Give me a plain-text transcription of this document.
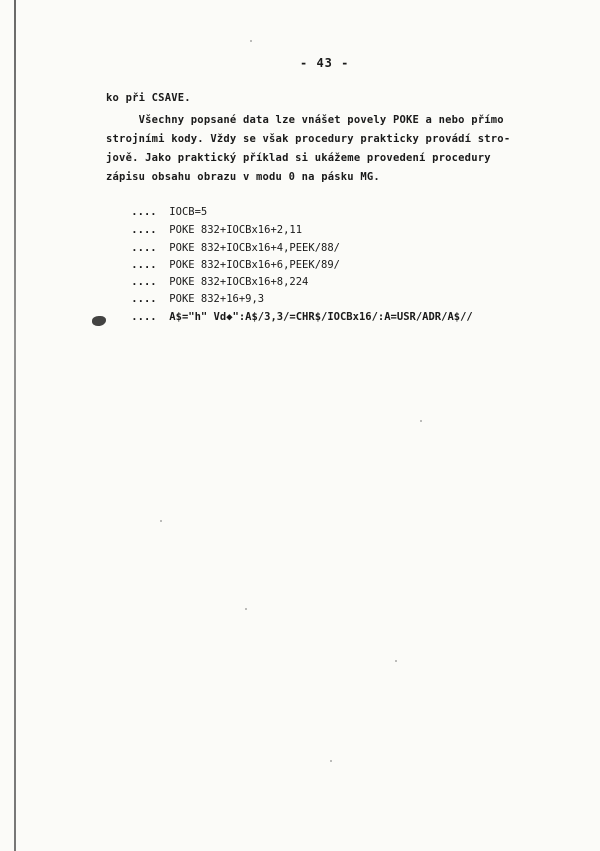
- 43 -
ko při CSAVE.
Všechny popsané data lze vnášet povely POKE a nebo přímo
strojními kody. Vždy se však procedury prakticky provádí stro-
jově. Jako praktický příklad si ukážeme provedení procedury
zápisu obsahu obrazu v modu 0 na pásku MG.

.... IOCB=5

.... POKE 832+IOCBx16+2,11

.... POKE 832+IOCBx16+4,PEEK/88/

.... POKE 832+IOCBx16+6,PEEK/89/

.... POKE 832+IOCBx16+8,224

.... POKE 832+16+9,3

.... A$="h" Vd◆":A$/3,3/=CHR$/IOCBx16/:A=USR/ADR/A$//
